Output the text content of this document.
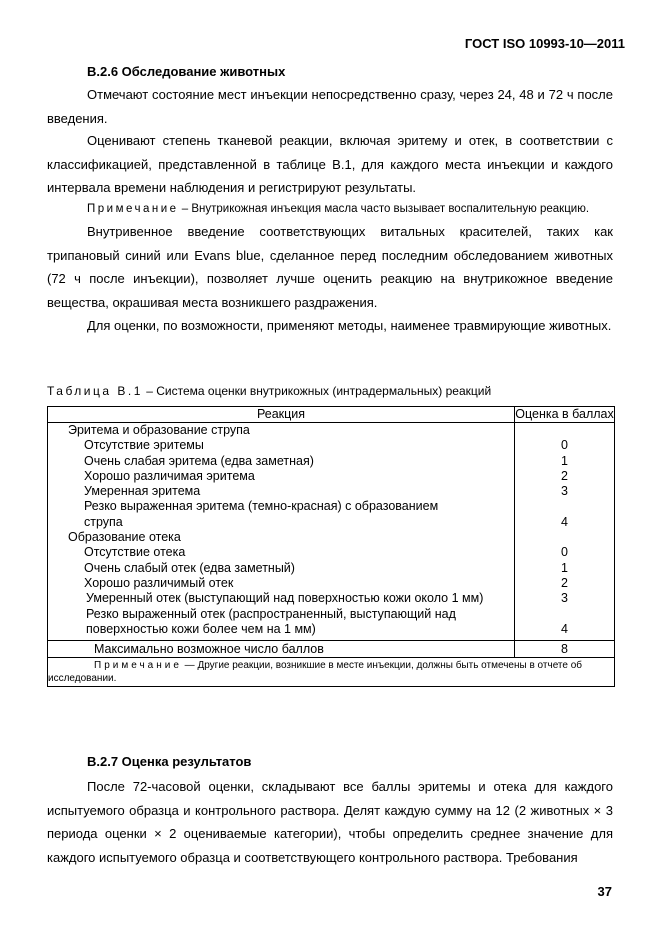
ГОСТ ISO 10993-10—2011
B.2.6 Обследование животных
Отмечают состояние мест инъекции непосредственно сразу, через 24, 48 и 72 ч после введения.
Оценивают степень тканевой реакции, включая эритему и отек, в соответствии с классификацией, представленной в таблице В.1, для каждого места инъекции и каждого интервала времени наблюдения и регистрируют результаты.
Примечание – Внутрикожная инъекция масла часто вызывает воспалительную реакцию.
Внутривенное введение соответствующих витальных красителей, таких как трипановый синий или Evans blue, сделанное перед последним обследованием животных (72 ч после инъекции), позволяет лучше оценить реакцию на внутрикожное введение вещества, окрашивая места возникшего раздражения.
Для оценки, по возможности, применяют методы, наименее травмирующие животных.
Таблица В.1 – Система оценки внутрикожных (интрадермальных) реакций
Реакция	Оценка в баллах
Эритема и образование струпа	
Отсутствие эритемы	0
Очень слабая эритема (едва заметная)	1
Хорошо различимая эритема	2
Умеренная эритема	3
Резко выраженная эритема (темно-красная) с образованием струпа	4
Образование отека	
Отсутствие отека	0
Очень слабый отек (едва заметный)	1
Хорошо различимый отек	2
Умеренный отек (выступающий над поверхностью кожи около 1 мм)	3
Резко выраженный отек (распространенный, выступающий над поверхностью кожи более чем на 1 мм)	4
Максимально возможное число баллов	8
Примечание — Другие реакции, возникшие в месте инъекции, должны быть отмечены в отчете об исследовании.	
B.2.7 Оценка результатов
После 72-часовой оценки, складывают все баллы эритемы и отека для каждого испытуемого образца и контрольного раствора. Делят каждую сумму на 12 (2 животных × 3 периода оценки × 2 оцениваемые категории), чтобы определить среднее значение для каждого испытуемого образца и соответствующего контрольного раствора. Требования
37
